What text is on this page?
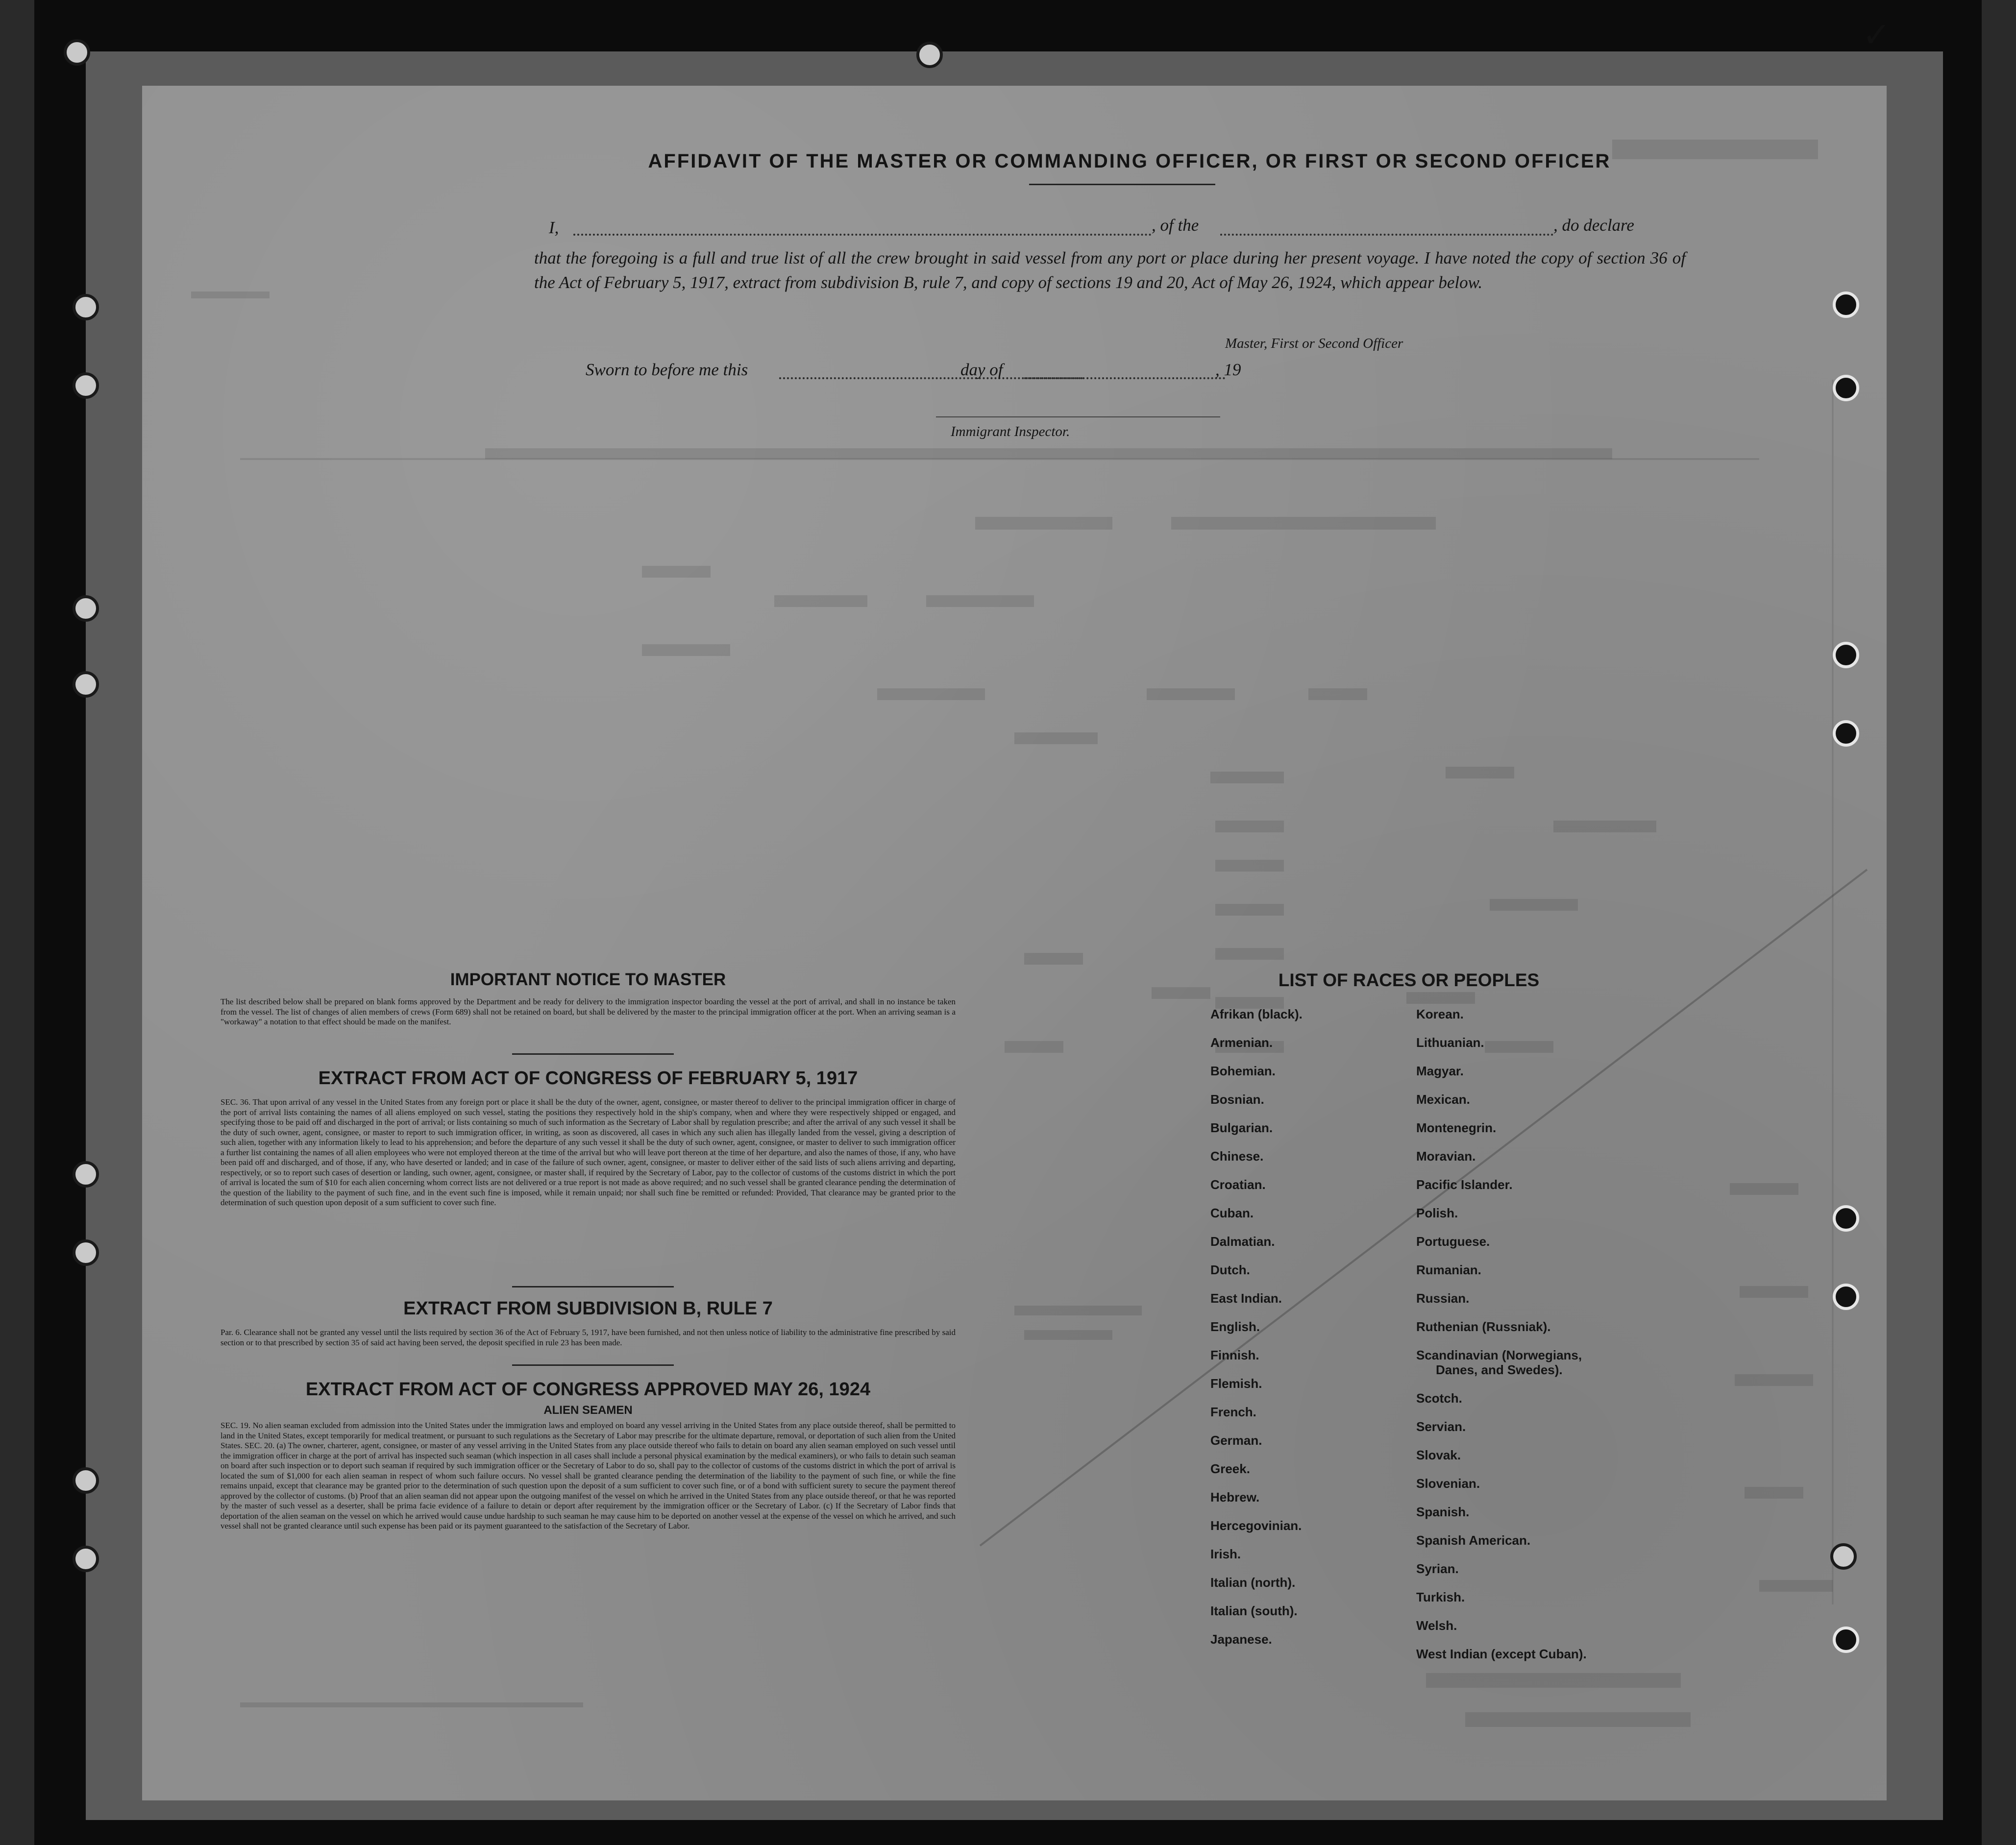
AFFIDAVIT OF THE MASTER OR COMMANDING OFFICER, OR FIRST OR SECOND OFFICER
I,	, of the	, do declare
that the foregoing is a full and true list of all the crew brought in said vessel from any port or place during her present voyage. I have noted the copy of section 36 of the Act of February 5, 1917, extract from subdivision B, rule 7, and copy of sections 19 and 20, Act of May 26, 1924, which appear below.
Master, First or Second Officer
Sworn to before me this	day of	, 19
Immigrant Inspector.
IMPORTANT NOTICE TO MASTER
The list described below shall be prepared on blank forms approved by the Department and be ready for delivery to the immigration inspector boarding the vessel at the port of arrival, and shall in no instance be taken from the vessel. The list of changes of alien members of crews (Form 689) shall not be retained on board, but shall be delivered by the master to the principal immigration officer at the port. When an arriving seaman is a "workaway" a notation to that effect should be made on the manifest.
EXTRACT FROM ACT OF CONGRESS OF FEBRUARY 5, 1917
SEC. 36. That upon arrival of any vessel in the United States from any foreign port or place it shall be the duty of the owner, agent, consignee, or master thereof to deliver to the principal immigration officer in charge of the port of arrival lists containing the names of all aliens employed on such vessel, stating the positions they respectively hold in the ship's company, when and where they were respectively shipped or engaged, and specifying those to be paid off and discharged in the port of arrival; or lists containing so much of such information as the Secretary of Labor shall by regulation prescribe; and after the arrival of any such vessel it shall be the duty of such owner, agent, consignee, or master to report to such immigration officer, in writing, as soon as discovered, all cases in which any such alien has illegally landed from the vessel, giving a description of such alien, together with any information likely to lead to his apprehension; and before the departure of any such vessel it shall be the duty of such owner, agent, consignee, or master to deliver to such immigration officer a further list containing the names of all alien employees who were not employed thereon at the time of the arrival but who will leave port thereon at the time of her departure, and also the names of those, if any, who have been paid off and discharged, and of those, if any, who have deserted or landed; and in case of the failure of such owner, agent, consignee, or master to deliver either of the said lists of such aliens arriving and departing, respectively, or so to report such cases of desertion or landing, such owner, agent, consignee, or master shall, if required by the Secretary of Labor, pay to the collector of customs of the customs district in which the port of arrival is located the sum of $10 for each alien concerning whom correct lists are not delivered or a true report is not made as above required; and no such vessel shall be granted clearance pending the determination of the question of the liability to the payment of such fine, and in the event such fine is imposed, while it remain unpaid; nor shall such fine be remitted or refunded: Provided, That clearance may be granted prior to the determination of such question upon deposit of a sum sufficient to cover such fine.
EXTRACT FROM SUBDIVISION B, RULE 7
Par. 6. Clearance shall not be granted any vessel until the lists required by section 36 of the Act of February 5, 1917, have been furnished, and not then unless notice of liability to the administrative fine prescribed by said section or to that prescribed by section 35 of said act having been served, the deposit specified in rule 23 has been made.
EXTRACT FROM ACT OF CONGRESS APPROVED MAY 26, 1924
ALIEN SEAMEN
SEC. 19. No alien seaman excluded from admission into the United States under the immigration laws and employed on board any vessel arriving in the United States from any place outside thereof, shall be permitted to land in the United States, except temporarily for medical treatment, or pursuant to such regulations as the Secretary of Labor may prescribe for the ultimate departure, removal, or deportation of such alien from the United States. SEC. 20. (a) The owner, charterer, agent, consignee, or master of any vessel arriving in the United States from any place outside thereof who fails to detain on board any alien seaman employed on such vessel until the immigration officer in charge at the port of arrival has inspected such seaman (which inspection in all cases shall include a personal physical examination by the medical examiners), or who fails to detain such seaman on board after such inspection or to deport such seaman if required by such immigration officer or the Secretary of Labor to do so, shall pay to the collector of customs of the customs district in which the port of arrival is located the sum of $1,000 for each alien seaman in respect of whom such failure occurs. No vessel shall be granted clearance pending the determination of the liability to the payment of such fine, or while the fine remains unpaid, except that clearance may be granted prior to the determination of such question upon the deposit of a sum sufficient to cover such fine, or of a bond with sufficient surety to secure the payment thereof approved by the collector of customs. (b) Proof that an alien seaman did not appear upon the outgoing manifest of the vessel on which he arrived in the United States from any place outside thereof, or that he was reported by the master of such vessel as a deserter, shall be prima facie evidence of a failure to detain or deport after requirement by the immigration officer or the Secretary of Labor. (c) If the Secretary of Labor finds that deportation of the alien seaman on the vessel on which he arrived would cause undue hardship to such seaman he may cause him to be deported on another vessel at the expense of the vessel on which he arrived, and such vessel shall not be granted clearance until such expense has been paid or its payment guaranteed to the satisfaction of the Secretary of Labor.
LIST OF RACES OR PEOPLES
Afrikan (black).
Armenian.
Bohemian.
Bosnian.
Bulgarian.
Chinese.
Croatian.
Cuban.
Dalmatian.
Dutch.
East Indian.
English.
Finnish.
Flemish.
French.
German.
Greek.
Hebrew.
Hercegovinian.
Irish.
Italian (north).
Italian (south).
Japanese.
Korean.
Lithuanian.
Magyar.
Mexican.
Montenegrin.
Moravian.
Pacific Islander.
Polish.
Portuguese.
Rumanian.
Russian.
Ruthenian (Russniak).
Scandinavian (Norwegians,
Danes, and Swedes).
Scotch.
Servian.
Slovak.
Slovenian.
Spanish.
Spanish American.
Syrian.
Turkish.
Welsh.
West Indian (except Cuban).
✓
